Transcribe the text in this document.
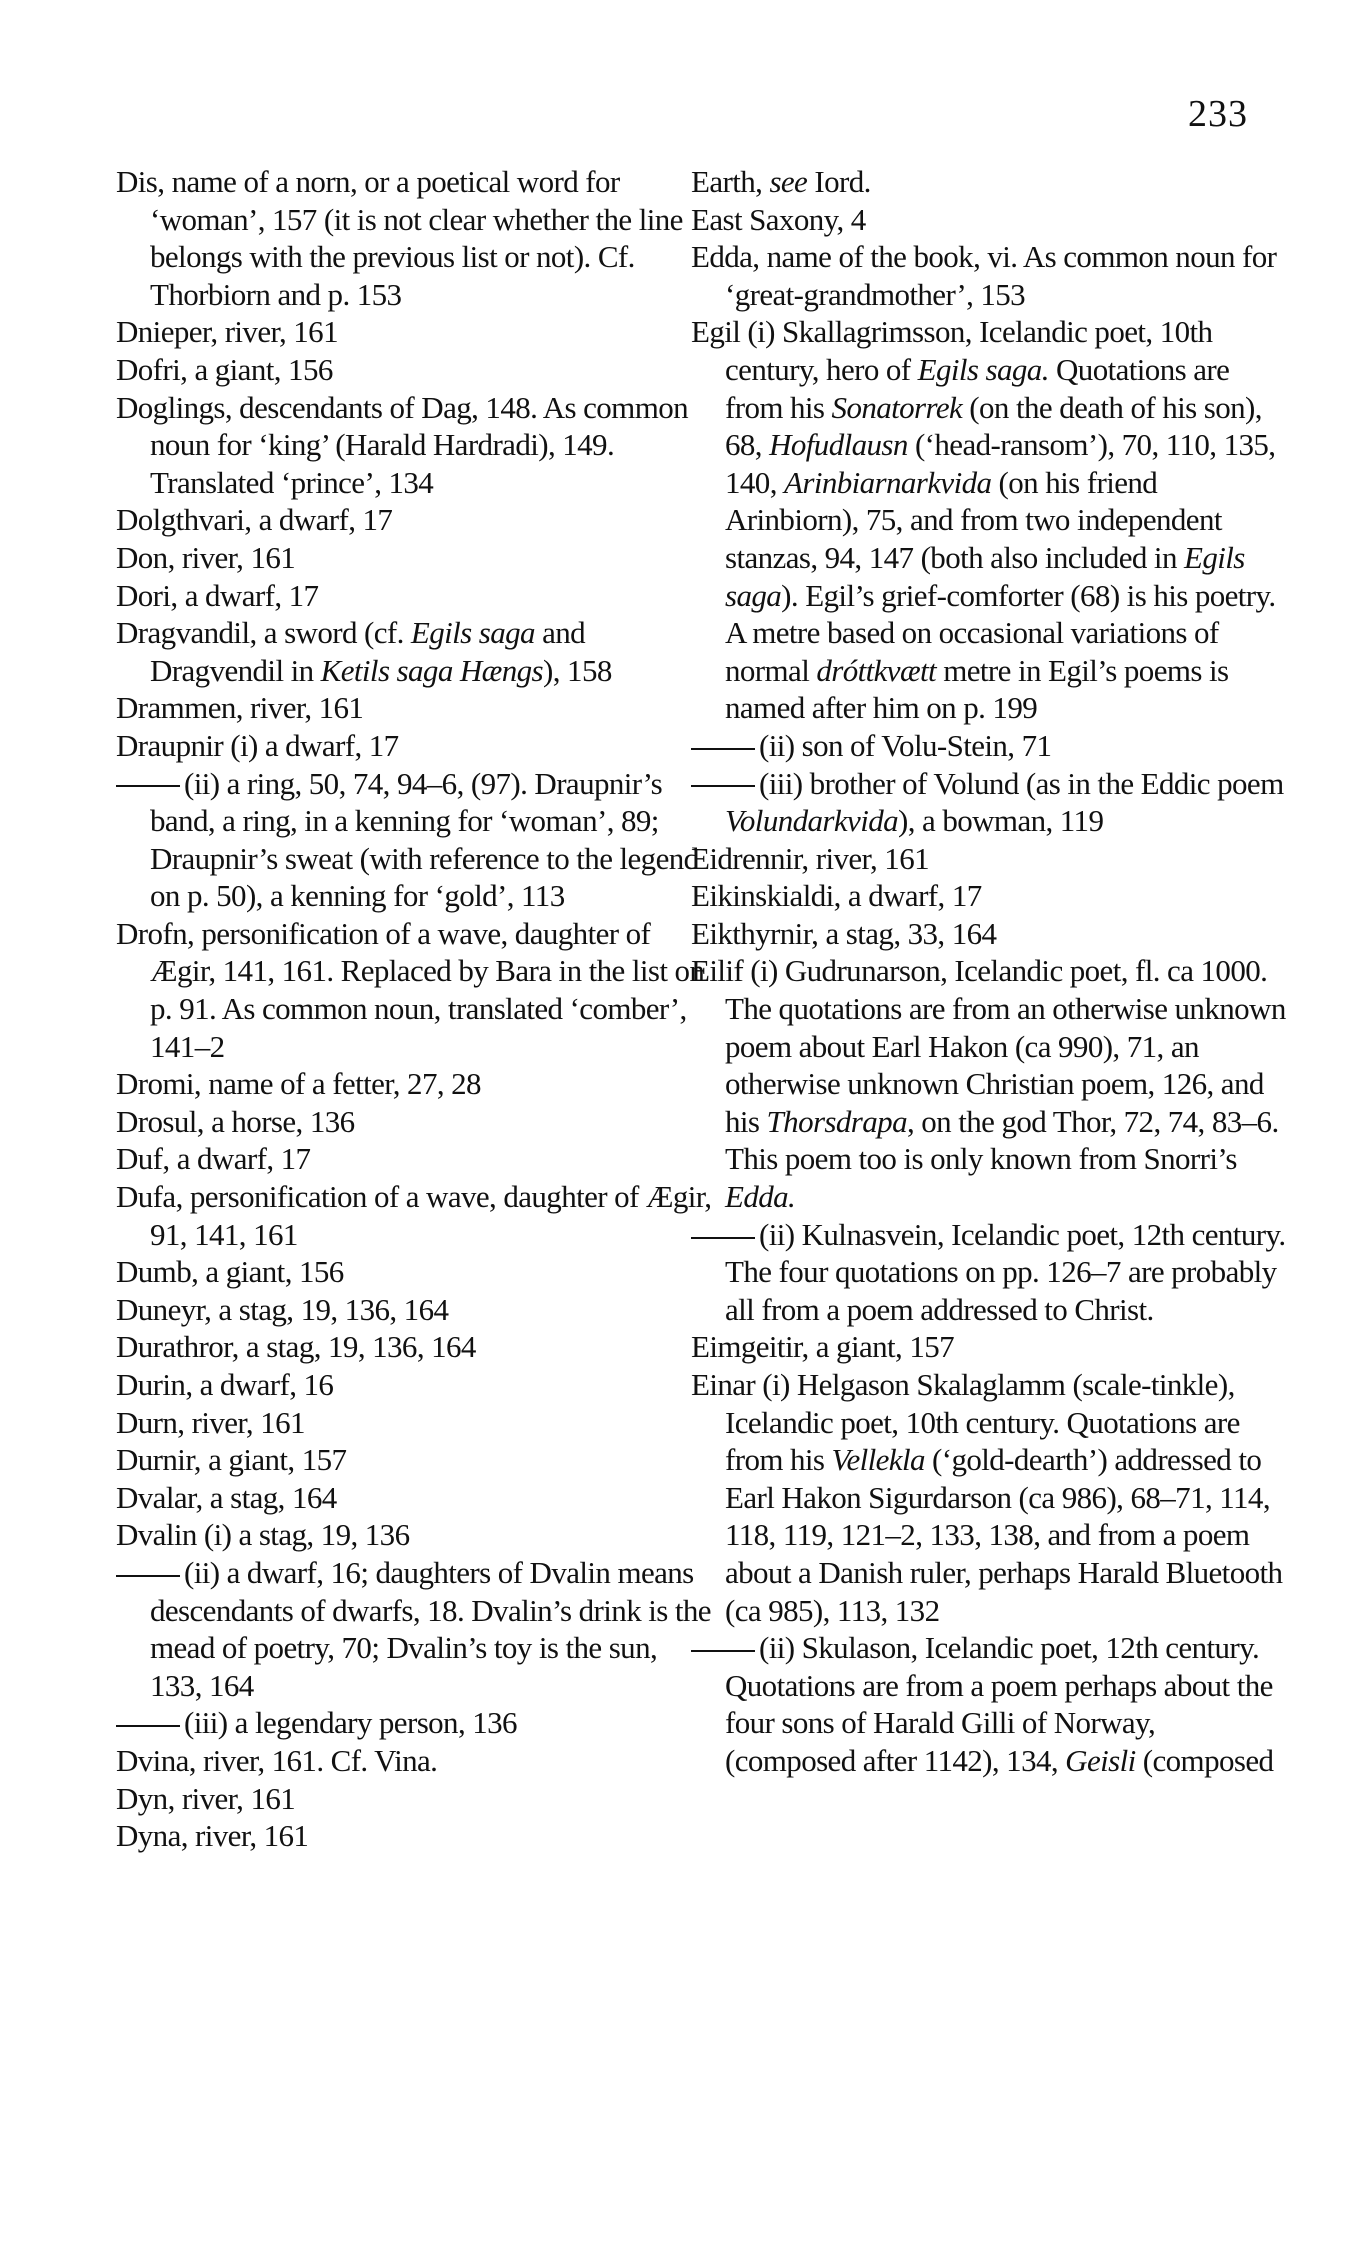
233

Dis, name of a norn, or a poetical word for ‘woman’, 157 (it is not clear whether the line belongs with the previous list or not). Cf. Thorbiorn and p. 153

Dnieper, river, 161

Dofri, a giant, 156

Doglings, descendants of Dag, 148. As common noun for ‘king’ (Harald Hardradi), 149. Translated ‘prince’, 134

Dolgthvari, a dwarf, 17

Don, river, 161

Dori, a dwarf, 17

Dragvandil, a sword (cf. Egils saga and Dragvendil in Ketils saga Hængs), 158

Drammen, river, 161

Draupnir (i) a dwarf, 17

(ii) a ring, 50, 74, 94–6, (97). Draupnir’s band, a ring, in a kenning for ‘woman’, 89; Draupnir’s sweat (with reference to the legend on p. 50), a kenning for ‘gold’, 113

Drofn, personification of a wave, daughter of Ægir, 141, 161. Replaced by Bara in the list on p. 91. As common noun, translated ‘comber’, 141–2

Dromi, name of a fetter, 27, 28

Drosul, a horse, 136

Duf, a dwarf, 17

Dufa, personification of a wave, daughter of Ægir, 91, 141, 161

Dumb, a giant, 156

Duneyr, a stag, 19, 136, 164

Durathror, a stag, 19, 136, 164

Durin, a dwarf, 16

Durn, river, 161

Durnir, a giant, 157

Dvalar, a stag, 164

Dvalin (i) a stag, 19, 136

(ii) a dwarf, 16; daughters of Dvalin means descendants of dwarfs, 18. Dvalin’s drink is the mead of poetry, 70; Dvalin’s toy is the sun, 133, 164

(iii) a legendary person, 136

Dvina, river, 161. Cf. Vina.

Dyn, river, 161

Dyna, river, 161

Earth, see Iord.

East Saxony, 4

Edda, name of the book, vi. As common noun for ‘great-grandmother’, 153

Egil (i) Skallagrimsson, Icelandic poet, 10th century, hero of Egils saga. Quotations are from his Sonatorrek (on the death of his son), 68, Hofudlausn (‘head-ransom’), 70, 110, 135, 140, Arinbiarnarkvida (on his friend Arinbiorn), 75, and from two independent stanzas, 94, 147 (both also included in Egils saga). Egil’s grief-comforter (68) is his poetry. A metre based on occasional variations of normal dróttkvætt metre in Egil’s poems is named after him on p. 199

(ii) son of Volu-Stein, 71

(iii) brother of Volund (as in the Eddic poem Volundarkvida), a bowman, 119

Eidrennir, river, 161

Eikinskialdi, a dwarf, 17

Eikthyrnir, a stag, 33, 164

Eilif (i) Gudrunarson, Icelandic poet, fl. ca 1000. The quotations are from an otherwise unknown poem about Earl Hakon (ca 990), 71, an otherwise unknown Christian poem, 126, and his Thorsdrapa, on the god Thor, 72, 74, 83–6. This poem too is only known from Snorri’s Edda.

(ii) Kulnasvein, Icelandic poet, 12th century. The four quotations on pp. 126–7 are probably all from a poem addressed to Christ.

Eimgeitir, a giant, 157

Einar (i) Helgason Skalaglamm (scale-tinkle), Icelandic poet, 10th century. Quotations are from his Vellekla (‘gold-dearth’) addressed to Earl Hakon Sigurdarson (ca 986), 68–71, 114, 118, 119, 121–2, 133, 138, and from a poem about a Danish ruler, perhaps Harald Bluetooth (ca 985), 113, 132

(ii) Skulason, Icelandic poet, 12th century. Quotations are from a poem perhaps about the four sons of Harald Gilli of Norway, (composed after 1142), 134, Geisli (composed
